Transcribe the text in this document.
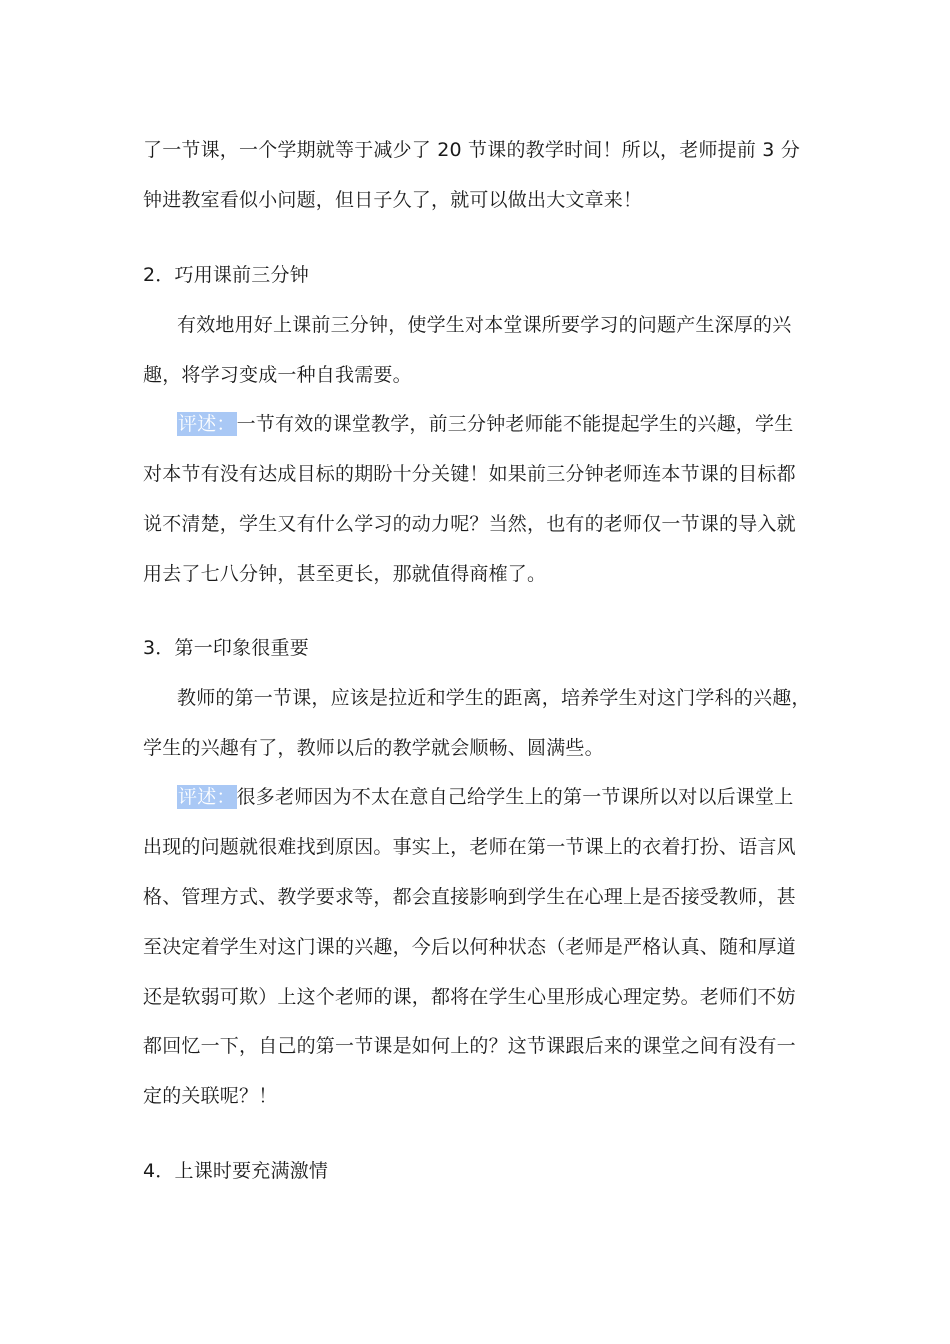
了一节课，一个学期就等于减少了 20 节课的教学时间！所以，老师提前 3 分
钟进教室看似小问题，但日子久了，就可以做出大文章来！
2．巧用课前三分钟
有效地用好上课前三分钟，使学生对本堂课所要学习的问题产生深厚的兴
趣，将学习变成一种自我需要。
评述：一节有效的课堂教学，前三分钟老师能不能提起学生的兴趣，学生
对本节有没有达成目标的期盼十分关键！如果前三分钟老师连本节课的目标都
说不清楚，学生又有什么学习的动力呢？当然，也有的老师仅一节课的导入就
用去了七八分钟，甚至更长，那就值得商榷了。
3．第一印象很重要
教师的第一节课，应该是拉近和学生的距离，培养学生对这门学科的兴趣，
学生的兴趣有了，教师以后的教学就会顺畅、圆满些。
评述：很多老师因为不太在意自己给学生上的第一节课所以对以后课堂上
出现的问题就很难找到原因。事实上，老师在第一节课上的衣着打扮、语言风
格、管理方式、教学要求等，都会直接影响到学生在心理上是否接受教师，甚
至决定着学生对这门课的兴趣，今后以何种状态（老师是严格认真、随和厚道
还是软弱可欺）上这个老师的课，都将在学生心里形成心理定势。老师们不妨
都回忆一下，自己的第一节课是如何上的？这节课跟后来的课堂之间有没有一
定的关联呢？！
4．上课时要充满激情
